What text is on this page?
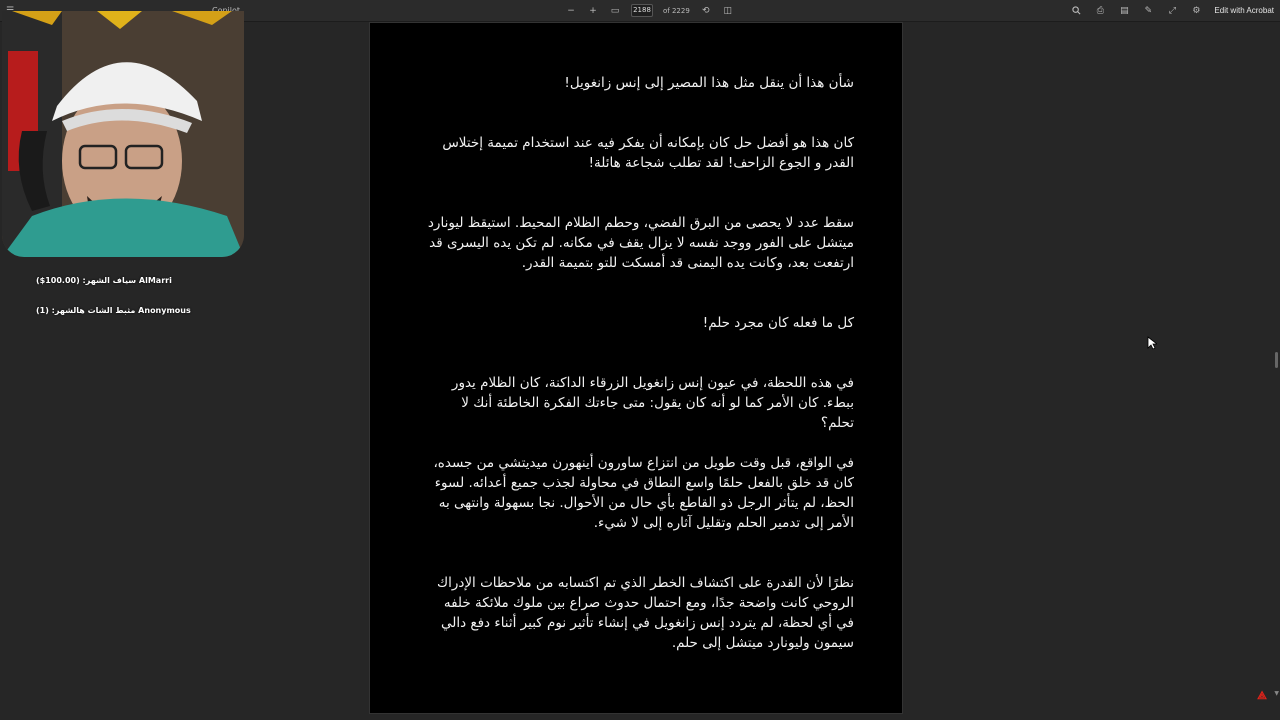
− + ▭ 2188 of 2229 ⟲ ◫	⎙ ▤ ✎ ⤢ ⚙ Edit with Acrobat
سياف الشهر: (100.00$) AlMarri
مثبط الشات هالشهر: (1) Anonymous
شأن هذا أن ينقل مثل هذا المصير إلى إنس زانغويل!
كان هذا هو أفضل حل كان بإمكانه أن يفكر فيه عند استخدام تميمة إختلاس القدر و الجوع الزاحف! لقد تطلب شجاعة هائلة!
سقط عدد لا يحصى من البرق الفضي، وحطم الظلام المحيط. استيقظ ليونارد ميتشل على الفور ووجد نفسه لا يزال يقف في مكانه. لم تكن يده اليسرى قد ارتفعت بعد، وكانت يده اليمنى قد أمسكت للتو بتميمة القدر.
كل ما فعله كان مجرد حلم!
في هذه اللحظة، في عيون إنس زانغويل الزرقاء الداكنة، كان الظلام يدور ببطء. كان الأمر كما لو أنه كان يقول: متى جاءتك الفكرة الخاطئة أنك لا تحلم؟
في الواقع، قبل وقت طويل من انتزاع ساورون أينهورن ميديتشي من جسده، كان قد خلق بالفعل حلمًا واسع النطاق في محاولة لجذب جميع أعدائه. لسوء الحظ، لم يتأثر الرجل ذو القاطع بأي حال من الأحوال. نجا بسهولة وانتهى به الأمر إلى تدمير الحلم وتقليل آثاره إلى لا شيء.
نظرًا لأن القدرة على اكتشاف الخطر الذي تم اكتسابه من ملاحظات الإدراك الروحي كانت واضحة جدًا، ومع احتمال حدوث صراع بين ملوك ملائكة خلفه في أي لحظة، لم يتردد إنس زانغويل في إنشاء تأثير نوم كبير أثناء دفع دالي سيمون وليونارد ميتشل إلى حلم.
▼
⟁
